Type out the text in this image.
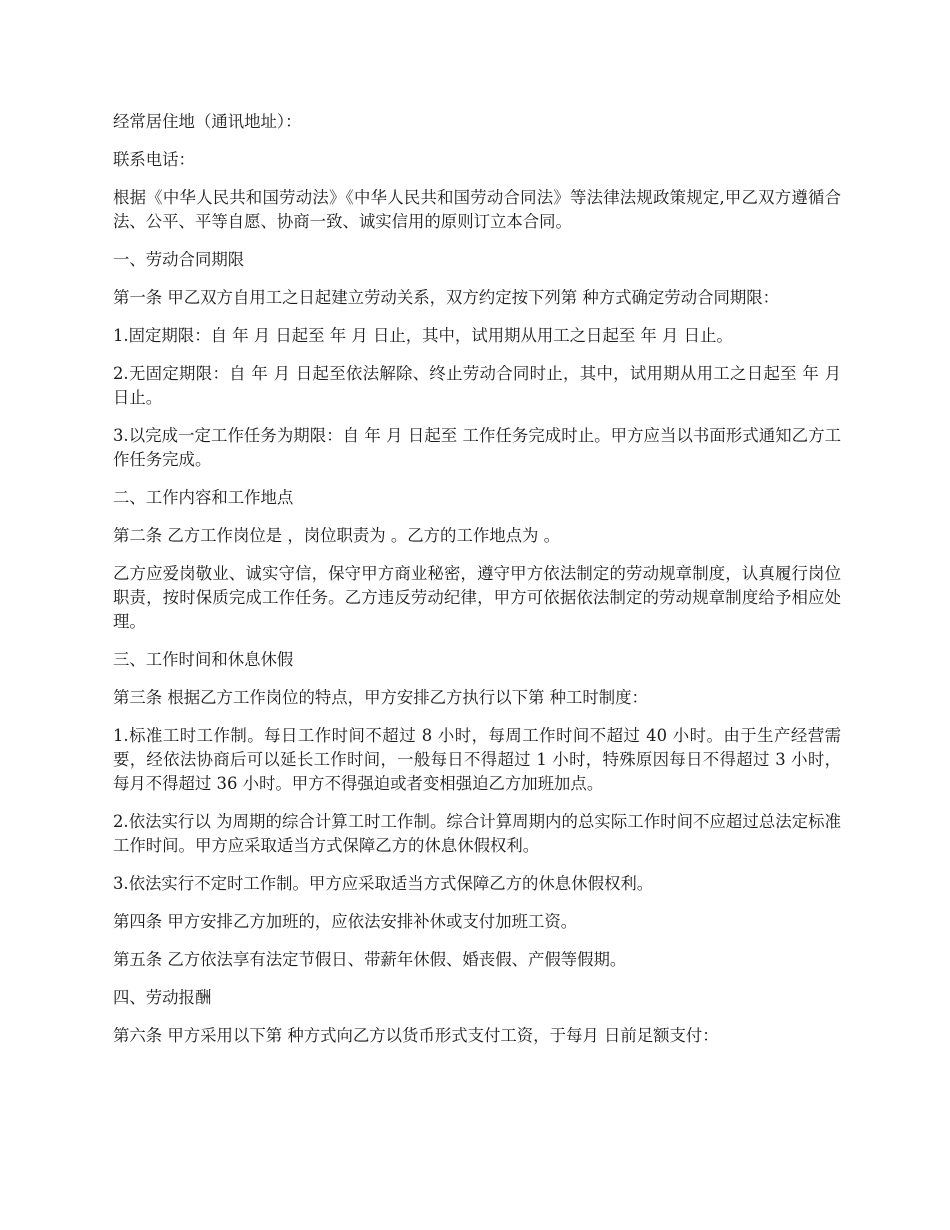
经常居住地（通讯地址）：

联系电话：

根据《中华人民共和国劳动法》《中华人民共和国劳动合同法》等法律法规政策规定,甲乙双方遵循合法、公平、平等自愿、协商一致、诚实信用的原则订立本合同。

一、劳动合同期限

第一条 甲乙双方自用工之日起建立劳动关系，双方约定按下列第 种方式确定劳动合同期限：

1.固定期限：自 年 月 日起至 年 月 日止，其中，试用期从用工之日起至 年 月 日止。

2.无固定期限：自 年 月 日起至依法解除、终止劳动合同时止，其中，试用期从用工之日起至 年 月 日止。

3.以完成一定工作任务为期限：自 年 月 日起至 工作任务完成时止。甲方应当以书面形式通知乙方工作任务完成。

二、工作内容和工作地点

第二条 乙方工作岗位是 ，岗位职责为 。乙方的工作地点为 。

乙方应爱岗敬业、诚实守信，保守甲方商业秘密，遵守甲方依法制定的劳动规章制度，认真履行岗位职责，按时保质完成工作任务。乙方违反劳动纪律，甲方可依据依法制定的劳动规章制度给予相应处理。

三、工作时间和休息休假

第三条 根据乙方工作岗位的特点，甲方安排乙方执行以下第 种工时制度：

1.标准工时工作制。每日工作时间不超过 8 小时，每周工作时间不超过 40 小时。由于生产经营需要，经依法协商后可以延长工作时间，一般每日不得超过 1 小时，特殊原因每日不得超过 3 小时，每月不得超过 36 小时。甲方不得强迫或者变相强迫乙方加班加点。

2.依法实行以 为周期的综合计算工时工作制。综合计算周期内的总实际工作时间不应超过总法定标准工作时间。甲方应采取适当方式保障乙方的休息休假权利。

3.依法实行不定时工作制。甲方应采取适当方式保障乙方的休息休假权利。

第四条 甲方安排乙方加班的，应依法安排补休或支付加班工资。

第五条 乙方依法享有法定节假日、带薪年休假、婚丧假、产假等假期。

四、劳动报酬

第六条 甲方采用以下第 种方式向乙方以货币形式支付工资，于每月 日前足额支付：
